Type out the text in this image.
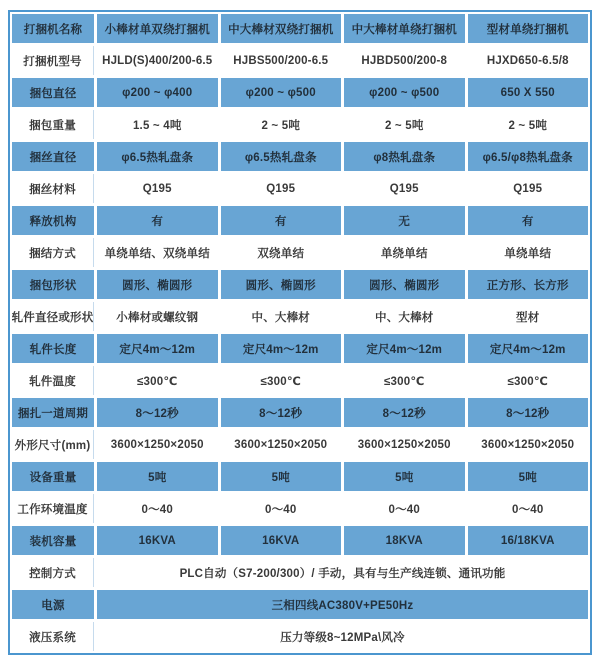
打捆机名称	小棒材单双绕打捆机	中大棒材双绕打捆机	中大棒材单绕打捆机	型材单绕打捆机
打捆机型号	HJLD(S)400/200-6.5	HJBS500/200-6.5	HJBD500/200-8	HJXD650-6.5/8
捆包直径	φ200 ~ φ400	φ200 ~ φ500	φ200 ~ φ500	650 X 550
捆包重量	1.5 ~ 4吨	2 ~ 5吨	2 ~ 5吨	2 ~ 5吨
捆丝直径	φ6.5热轧盘条	φ6.5热轧盘条	φ8热轧盘条	φ6.5/φ8热轧盘条
捆丝材料	Q195	Q195	Q195	Q195
释放机构	有	有	无	有
捆结方式	单绕单结、双绕单结	双绕单结	单绕单结	单绕单结
捆包形状	圆形、椭圆形	圆形、椭圆形	圆形、椭圆形	正方形、长方形
轧件直径或形状	小棒材或螺纹钢	中、大棒材	中、大棒材	型材
轧件长度	定尺4m～12m	定尺4m～12m	定尺4m～12m	定尺4m～12m
轧件温度	≤300℃	≤300℃	≤300℃	≤300℃
捆扎一道周期	8～12秒	8～12秒	8～12秒	8～12秒
外形尺寸(mm)	3600×1250×2050	3600×1250×2050	3600×1250×2050	3600×1250×2050
设备重量	5吨	5吨	5吨	5吨
工作环境温度	0～40	0～40	0～40	0～40
装机容量	16KVA	16KVA	18KVA	16/18KVA
控制方式	PLC自动（S7-200/300）/ 手动，具有与生产线连锁、通讯功能
电源	三相四线AC380V+PE50Hz
液压系统	压力等级8~12MPa\风冷
